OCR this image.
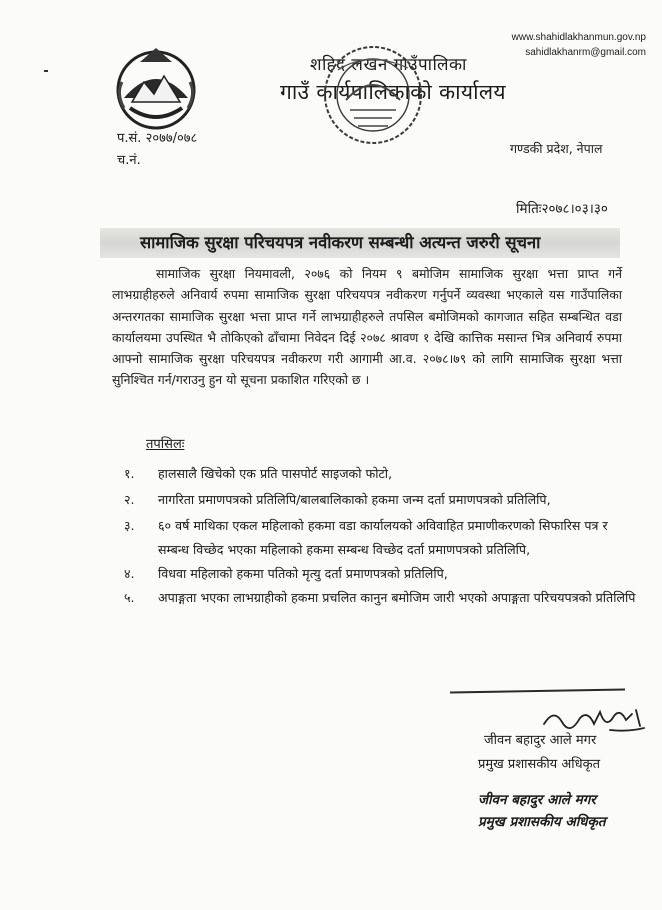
शहिद लखन गाउँपालिका
गाउँ कार्यपालिकाको कार्यालय
www.shahidlakhanmun.gov.np
sahidlakhanrm@gmail.com
प.सं. २०७७/०७८
च.नं.
गण्डकी प्रदेश, नेपाल
मितिः२०७८।०३।३०
सामाजिक सुरक्षा परिचयपत्र नवीकरण सम्बन्धी अत्यन्त जरुरी सूचना
सामाजिक सुरक्षा नियमावली, २०७६ को नियम ९ बमोजिम सामाजिक सुरक्षा भत्ता प्राप्त गर्ने लाभग्राहीहरुले अनिवार्य रुपमा सामाजिक सुरक्षा परिचयपत्र नवीकरण गर्नुपर्ने व्यवस्था भएकाले यस गाउँपालिका अन्तरगतका सामाजिक सुरक्षा भत्ता प्राप्त गर्ने लाभग्राहीहरुले तपसिल बमोजिमको कागजात सहित सम्बन्धित वडा कार्यालयमा उपस्थित भै तोकिएको ढाँचामा निवेदन दिई २०७८ श्रावण १ देखि कात्तिक मसान्त भित्र अनिवार्य रुपमा आफ्नो सामाजिक सुरक्षा परिचयपत्र नवीकरण गरी आगामी आ.व. २०७८।७९ को लागि सामाजिक सुरक्षा भत्ता सुनिश्चित गर्न/गराउनु हुन यो सूचना प्रकाशित गरिएको छ ।
तपसिलः
१. हालसालै खिचेको एक प्रति पासपोर्ट साइजको फोटो,
२. नागरिता प्रमाणपत्रको प्रतिलिपि/बालबालिकाको हकमा जन्म दर्ता प्रमाणपत्रको प्रतिलिपि,
३. ६० वर्ष माथिका एकल महिलाको हकमा वडा कार्यालयको अविवाहित प्रमाणीकरणको सिफारिस पत्र र सम्बन्ध विच्छेद भएका महिलाको हकमा सम्बन्ध विच्छेद दर्ता प्रमाणपत्रको प्रतिलिपि,
४. विधवा महिलाको हकमा पतिको मृत्यु दर्ता प्रमाणपत्रको प्रतिलिपि,
५. अपाङ्गता भएका लाभग्राहीको हकमा प्रचलित कानुन बमोजिम जारी भएको अपाङ्गता परिचयपत्रको प्रतिलिपि
जीवन बहादुर आले मगर
प्रमुख प्रशासकीय अधिकृत
जीवन बहादुर आले मगर
प्रमुख प्रशासकीय अधिकृत
